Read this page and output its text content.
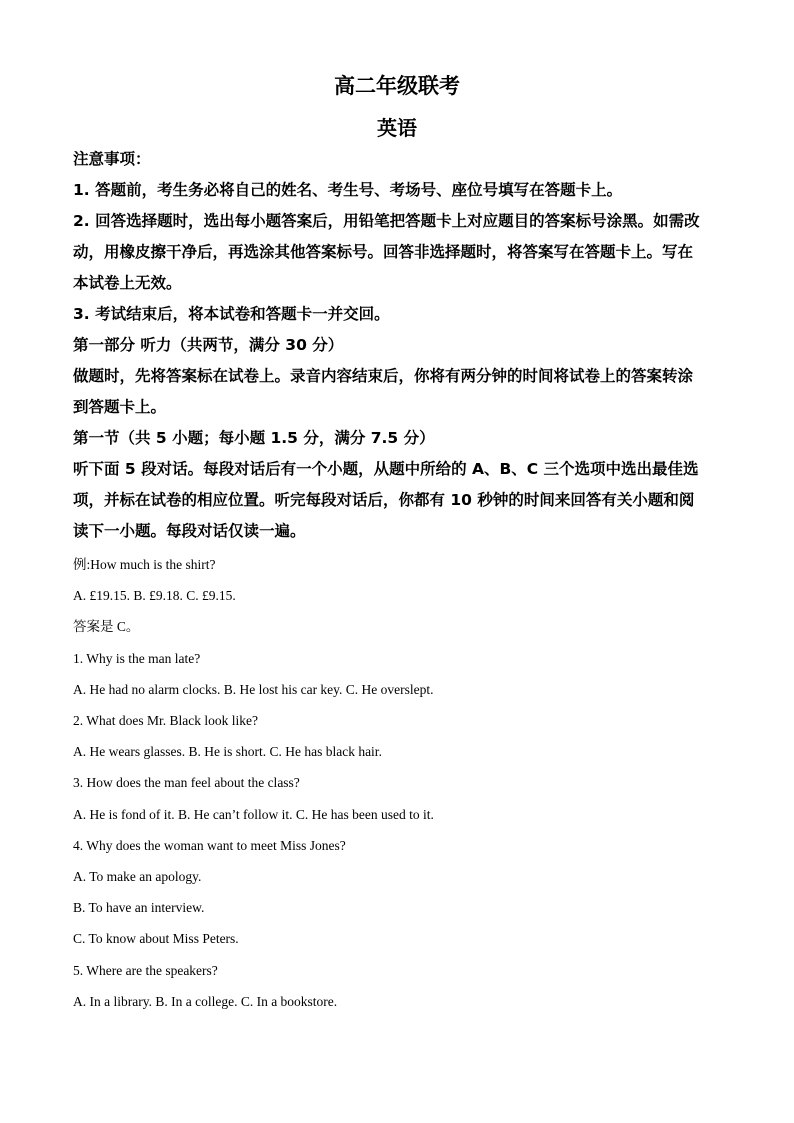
高二年级联考
英语
注意事项：
1. 答题前，考生务必将自己的姓名、考生号、考场号、座位号填写在答题卡上。
2. 回答选择题时，选出每小题答案后，用铅笔把答题卡上对应题目的答案标号涂黑。如需改
动，用橡皮擦干净后，再选涂其他答案标号。回答非选择题时，将答案写在答题卡上。写在
本试卷上无效。
3. 考试结束后，将本试卷和答题卡一并交回。
第一部分 听力（共两节，满分 30 分）
做题时，先将答案标在试卷上。录音内容结束后，你将有两分钟的时间将试卷上的答案转涂
到答题卡上。
第一节（共 5 小题；每小题 1.5 分，满分 7.5 分）
听下面 5 段对话。每段对话后有一个小题，从题中所给的 A、B、C 三个选项中选出最佳选
项，并标在试卷的相应位置。听完每段对话后，你都有 10 秒钟的时间来回答有关小题和阅
读下一小题。每段对话仅读一遍。
例:How much is the shirt?
A. £19.15. B. £9.18. C. £9.15.
答案是 C。
1. Why is the man late?
A. He had no alarm clocks. B. He lost his car key. C. He overslept.
2. What does Mr. Black look like?
A. He wears glasses. B. He is short. C. He has black hair.
3. How does the man feel about the class?
A. He is fond of it. B. He can’t follow it. C. He has been used to it.
4. Why does the woman want to meet Miss Jones?
A. To make an apology.
B. To have an interview.
C. To know about Miss Peters.
5. Where are the speakers?
A. In a library. B. In a college. C. In a bookstore.
